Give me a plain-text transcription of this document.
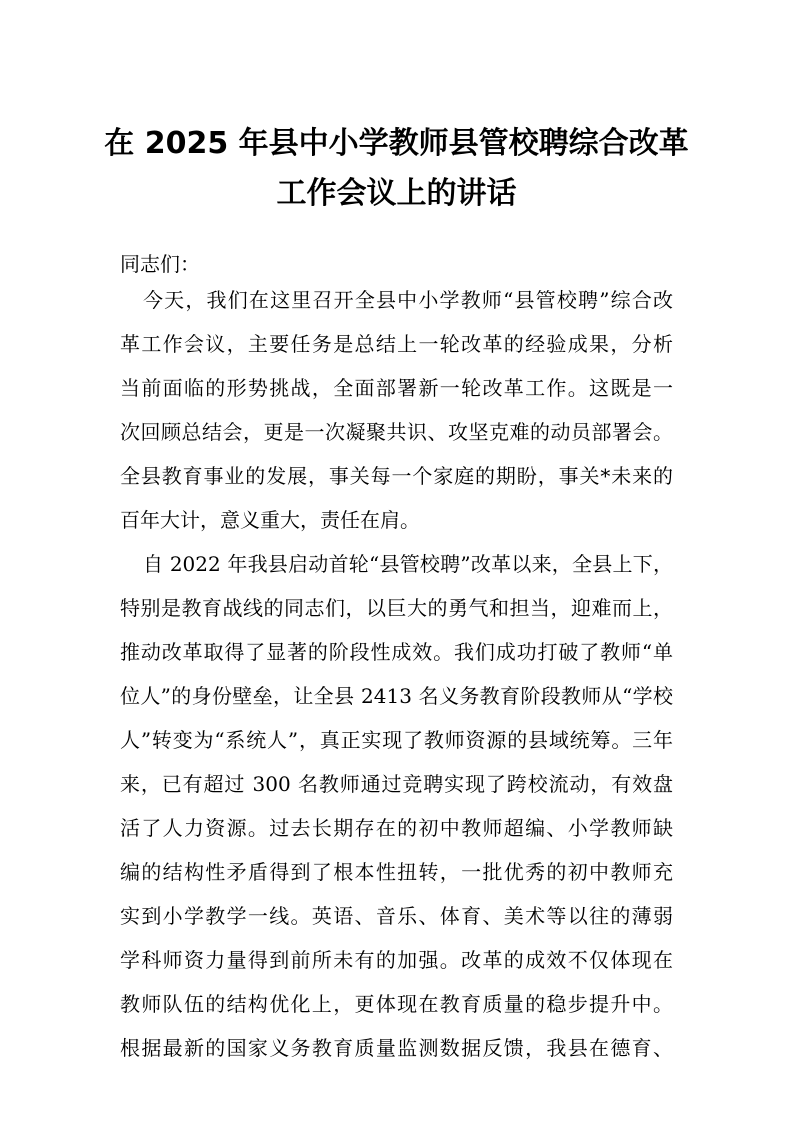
在 2025 年县中小学教师县管校聘综合改革
工作会议上的讲话
同志们：
今天，我们在这里召开全县中小学教师“县管校聘”综合改
革工作会议，主要任务是总结上一轮改革的经验成果，分析
当前面临的形势挑战，全面部署新一轮改革工作。这既是一
次回顾总结会，更是一次凝聚共识、攻坚克难的动员部署会。
全县教育事业的发展，事关每一个家庭的期盼，事关*未来的
百年大计，意义重大，责任在肩。
自 2022 年我县启动首轮“县管校聘”改革以来，全县上下，
特别是教育战线的同志们，以巨大的勇气和担当，迎难而上，
推动改革取得了显著的阶段性成效。我们成功打破了教师“单
位人”的身份壁垒，让全县 2413 名义务教育阶段教师从“学校
人”转变为“系统人”，真正实现了教师资源的县域统筹。三年
来，已有超过 300 名教师通过竞聘实现了跨校流动，有效盘
活了人力资源。过去长期存在的初中教师超编、小学教师缺
编的结构性矛盾得到了根本性扭转，一批优秀的初中教师充
实到小学教学一线。英语、音乐、体育、美术等以往的薄弱
学科师资力量得到前所未有的加强。改革的成效不仅体现在
教师队伍的结构优化上，更体现在教育质量的稳步提升中。
根据最新的国家义务教育质量监测数据反馈，我县在德育、
